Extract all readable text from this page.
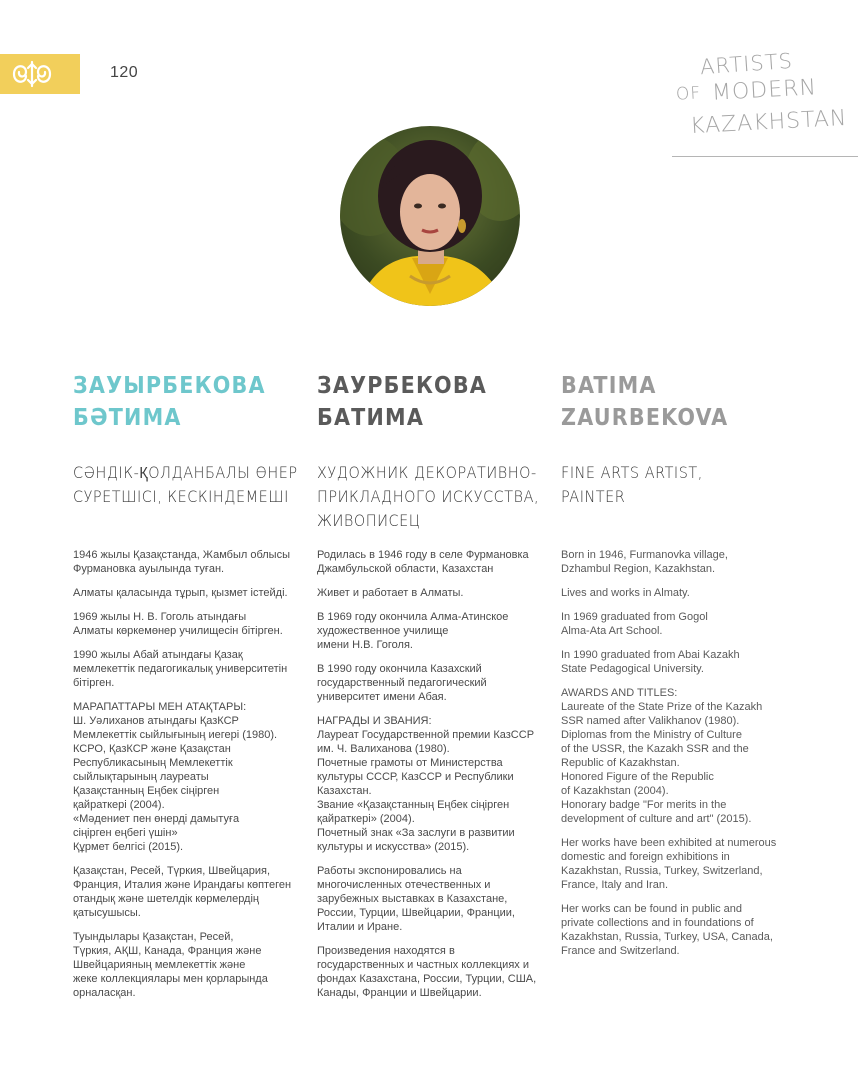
120	ARTISTS
OF MODERN
KAZAKHSTAN
ЗАУЫРБЕКОВА
БӘТИМА
СӘНДІК-ҚОЛДАНБАЛЫ ӨНЕР
СУРЕТШІСІ, КЕСКІНДЕМЕШІ

1946 жылы Қазақстанда, Жамбыл облысы
Фурмановка ауылында туған.

Алматы қаласында тұрып, қызмет істейді.

1969 жылы Н. В. Гоголь атындағы
Алматы көркемөнер училищесін бітірген.

1990 жылы Абай атындағы Қазақ
мемлекеттік педагогикалық университетін
бітірген.

МАРАПАТТАРЫ МЕН АТАҚТАРЫ:
Ш. Уәлиханов атындағы ҚазКСР
Мемлекеттік сыйлығының иегері (1980).
КСРО, ҚазКСР және Қазақстан
Республикасының Мемлекеттік
сыйлықтарының лауреаты
Қазақстанның Еңбек сіңірген
қайраткері (2004).
«Мәдениет пен өнерді дамытуға
сіңірген еңбегі үшін»
Құрмет белгісі (2015).

Қазақстан, Ресей, Түркия, Швейцария,
Франция, Италия және Ирандағы көптеген
отандық және шетелдік көрмелердің
қатысушысы.

Туындылары Қазақстан, Ресей,
Түркия, АҚШ, Канада, Франция және
Швейцарияның мемлекеттік және
жеке коллекциялары мен қорларында
орналасқан.

ЗАУРБЕКОВА
БАТИМА
ХУДОЖНИК ДЕКОРАТИВНО-
ПРИКЛАДНОГО ИСКУССТВА,
ЖИВОПИСЕЦ

Родилась в 1946 году в селе Фурмановка
Джамбульской области, Казахстан

Живет и работает в Алматы.

В 1969 году окончила Алма-Атинское
художественное училище
имени Н.В. Гоголя.

В 1990 году окончила Казахский
государственный педагогический
университет имени Абая.

НАГРАДЫ И ЗВАНИЯ:
Лауреат Государственной премии КазССР
им. Ч. Валиханова (1980).
Почетные грамоты от Министерства
культуры СССР, КазССР и Республики
Казахстан.
Звание «Қазақстанның Еңбек сіңірген
қайраткері» (2004).
Почетный знак «За заслуги в развитии
культуры и искусства» (2015).

Работы экспонировались на
многочисленных отечественных и
зарубежных выставках в Казахстане,
России, Турции, Швейцарии, Франции,
Италии и Иране.

Произведения находятся в
государственных и частных коллекциях и
фондах Казахстана, России, Турции, США,
Канады, Франции и Швейцарии.

BATIMA
ZAURBEKOVA
FINE ARTS ARTIST,
PAINTER

Born in 1946, Furmanovka village,
Dzhambul Region, Kazakhstan.

Lives and works in Almaty.

In 1969 graduated from Gogol
Alma-Ata Art School.

In 1990 graduated from Abai Kazakh
State Pedagogical University.

AWARDS AND TITLES:
Laureate of the State Prize of the Kazakh
SSR named after Valikhanov (1980).
Diplomas from the Ministry of Culture
of the USSR, the Kazakh SSR and the
Republic of Kazakhstan.
Honored Figure of the Republic
of Kazakhstan (2004).
Honorary badge "For merits in the
development of culture and art" (2015).

Her works have been exhibited at numerous
domestic and foreign exhibitions in
Kazakhstan, Russia, Turkey, Switzerland,
France, Italy and Iran.

Her works can be found in public and
private collections and in foundations of
Kazakhstan, Russia, Turkey, USA, Canada,
France and Switzerland.
